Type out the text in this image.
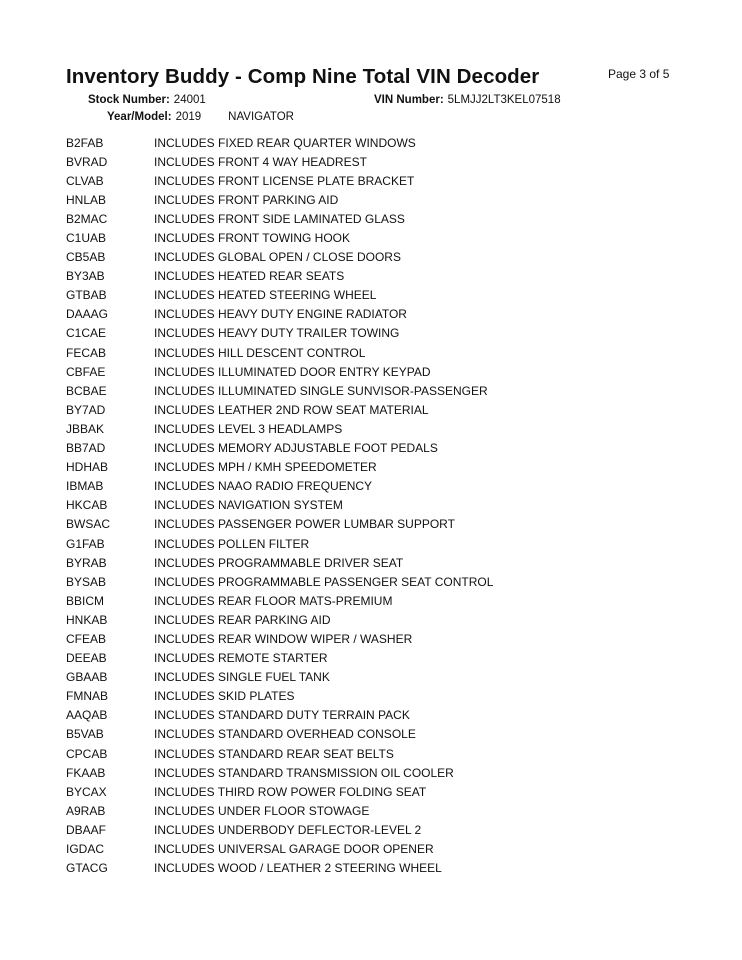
Inventory Buddy - Comp Nine Total VIN Decoder	Page 3 of 5
Stock Number: 24001	VIN Number: 5LMJJ2LT3KEL07518
Year/Model: 2019 NAVIGATOR
B2FAB	INCLUDES FIXED REAR QUARTER WINDOWS
BVRAD	INCLUDES FRONT 4 WAY HEADREST
CLVAB	INCLUDES FRONT LICENSE PLATE BRACKET
HNLAB	INCLUDES FRONT PARKING AID
B2MAC	INCLUDES FRONT SIDE LAMINATED GLASS
C1UAB	INCLUDES FRONT TOWING HOOK
CB5AB	INCLUDES GLOBAL OPEN / CLOSE DOORS
BY3AB	INCLUDES HEATED REAR SEATS
GTBAB	INCLUDES HEATED STEERING WHEEL
DAAAG	INCLUDES HEAVY DUTY ENGINE RADIATOR
C1CAE	INCLUDES HEAVY DUTY TRAILER TOWING
FECAB	INCLUDES HILL DESCENT CONTROL
CBFAE	INCLUDES ILLUMINATED DOOR ENTRY KEYPAD
BCBAE	INCLUDES ILLUMINATED SINGLE SUNVISOR-PASSENGER
BY7AD	INCLUDES LEATHER 2ND ROW SEAT MATERIAL
JBBAK	INCLUDES LEVEL 3 HEADLAMPS
BB7AD	INCLUDES MEMORY ADJUSTABLE FOOT PEDALS
HDHAB	INCLUDES MPH / KMH SPEEDOMETER
IBMAB	INCLUDES NAAO RADIO FREQUENCY
HKCAB	INCLUDES NAVIGATION SYSTEM
BWSAC	INCLUDES PASSENGER POWER LUMBAR SUPPORT
G1FAB	INCLUDES POLLEN FILTER
BYRAB	INCLUDES PROGRAMMABLE DRIVER SEAT
BYSAB	INCLUDES PROGRAMMABLE PASSENGER SEAT CONTROL
BBICM	INCLUDES REAR FLOOR MATS-PREMIUM
HNKAB	INCLUDES REAR PARKING AID
CFEAB	INCLUDES REAR WINDOW WIPER / WASHER
DEEAB	INCLUDES REMOTE STARTER
GBAAB	INCLUDES SINGLE FUEL TANK
FMNAB	INCLUDES SKID PLATES
AAQAB	INCLUDES STANDARD DUTY TERRAIN PACK
B5VAB	INCLUDES STANDARD OVERHEAD CONSOLE
CPCAB	INCLUDES STANDARD REAR SEAT BELTS
FKAAB	INCLUDES STANDARD TRANSMISSION OIL COOLER
BYCAX	INCLUDES THIRD ROW POWER FOLDING SEAT
A9RAB	INCLUDES UNDER FLOOR STOWAGE
DBAAF	INCLUDES UNDERBODY DEFLECTOR-LEVEL 2
IGDAC	INCLUDES UNIVERSAL GARAGE DOOR OPENER
GTACG	INCLUDES WOOD / LEATHER 2 STEERING WHEEL
